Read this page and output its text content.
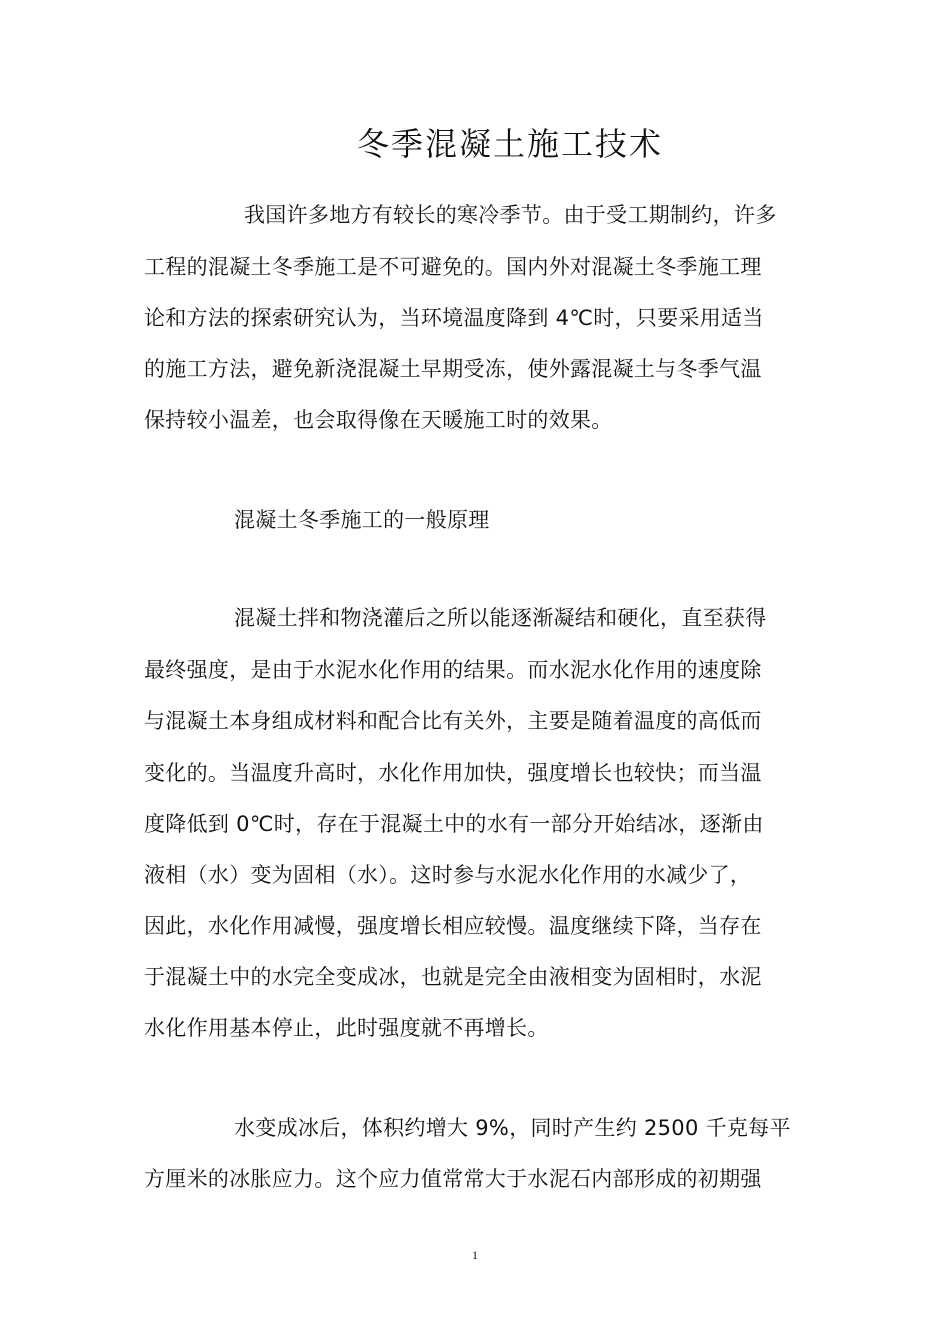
冬季混凝土施工技术
我国许多地方有较长的寒冷季节。由于受工期制约，许多
工程的混凝土冬季施工是不可避免的。国内外对混凝土冬季施工理
论和方法的探索研究认为，当环境温度降到 4℃时，只要采用适当
的施工方法，避免新浇混凝土早期受冻，使外露混凝土与冬季气温
保持较小温差，也会取得像在天暖施工时的效果。
混凝土冬季施工的一般原理
混凝土拌和物浇灌后之所以能逐渐凝结和硬化，直至获得
最终强度，是由于水泥水化作用的结果。而水泥水化作用的速度除
与混凝土本身组成材料和配合比有关外，主要是随着温度的高低而
变化的。当温度升高时，水化作用加快，强度增长也较快；而当温
度降低到 0℃时，存在于混凝土中的水有一部分开始结冰，逐渐由
液相（水）变为固相（水）。这时参与水泥水化作用的水减少了，
因此，水化作用减慢，强度增长相应较慢。温度继续下降，当存在
于混凝土中的水完全变成冰，也就是完全由液相变为固相时，水泥
水化作用基本停止，此时强度就不再增长。
水变成冰后，体积约增大 9%，同时产生约 2500 千克每平
方厘米的冰胀应力。这个应力值常常大于水泥石内部形成的初期强
1
